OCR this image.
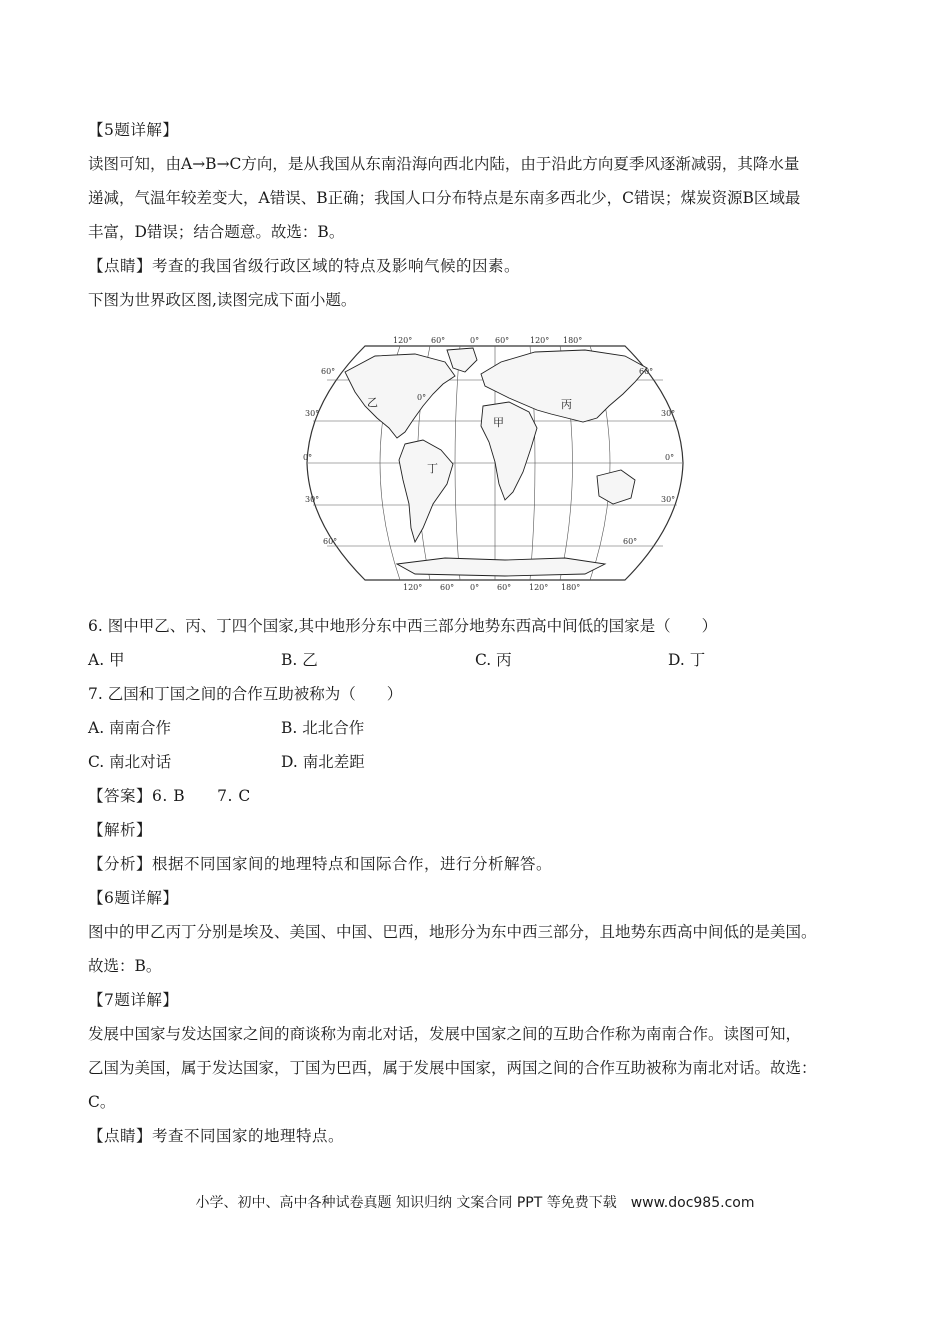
【5题详解】
读图可知，由A→B→C方向，是从我国从东南沿海向西北内陆，由于沿此方向夏季风逐渐减弱，其降水量
递减，气温年较差变大，A错误、B正确；我国人口分布特点是东南多西北少，C错误；煤炭资源B区域最
丰富，D错误；结合题意。故选：B。
【点睛】考查的我国省级行政区域的特点及影响气候的因素。
下图为世界政区图,读图完成下面小题。
120° 60°	0° 60°	120° 180°
120° 60° 0° 60° 120° 180°
60°
30°
0°
30°
60°
60°
30°
0°
30°
60°
0°
乙
甲
丙
丁
6. 图中甲乙、丙、丁四个国家,其中地形分东中西三部分地势东西高中间低的国家是（　　）
A. 甲	B. 乙	C. 丙	D. 丁
7. 乙国和丁国之间的合作互助被称为（　　）
A. 南南合作	B. 北北合作
C. 南北对话	D. 南北差距
【答案】6. B　　7. C
【解析】
【分析】根据不同国家间的地理特点和国际合作，进行分析解答。
【6题详解】
图中的甲乙丙丁分别是埃及、美国、中国、巴西，地形分为东中西三部分，且地势东西高中间低的是美国。
故选：B。
【7题详解】
发展中国家与发达国家之间的商谈称为南北对话，发展中国家之间的互助合作称为南南合作。读图可知，
乙国为美国，属于发达国家，丁国为巴西，属于发展中国家，两国之间的合作互助被称为南北对话。故选：
C。
【点睛】考查不同国家的地理特点。
小学、初中、高中各种试卷真题 知识归纳 文案合同 PPT 等免费下载　www.doc985.com
